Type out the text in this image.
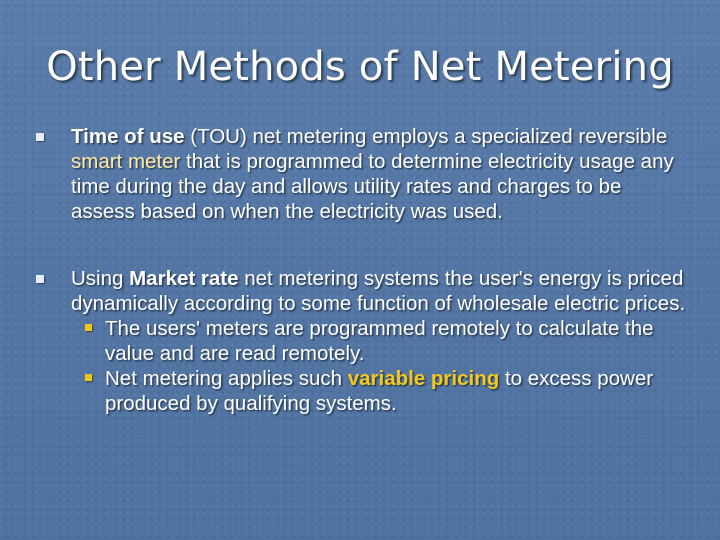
Other Methods of Net Metering
Time of use (TOU) net metering employs a specialized reversible smart meter that is programmed to determine electricity usage any time during the day and allows utility rates and charges to be assess based on when the electricity was used.
Using Market rate net metering systems the user's energy is priced dynamically according to some function of wholesale electric prices.
The users' meters are programmed remotely to calculate the value and are read remotely.
Net metering applies such variable pricing to excess power produced by qualifying systems.
